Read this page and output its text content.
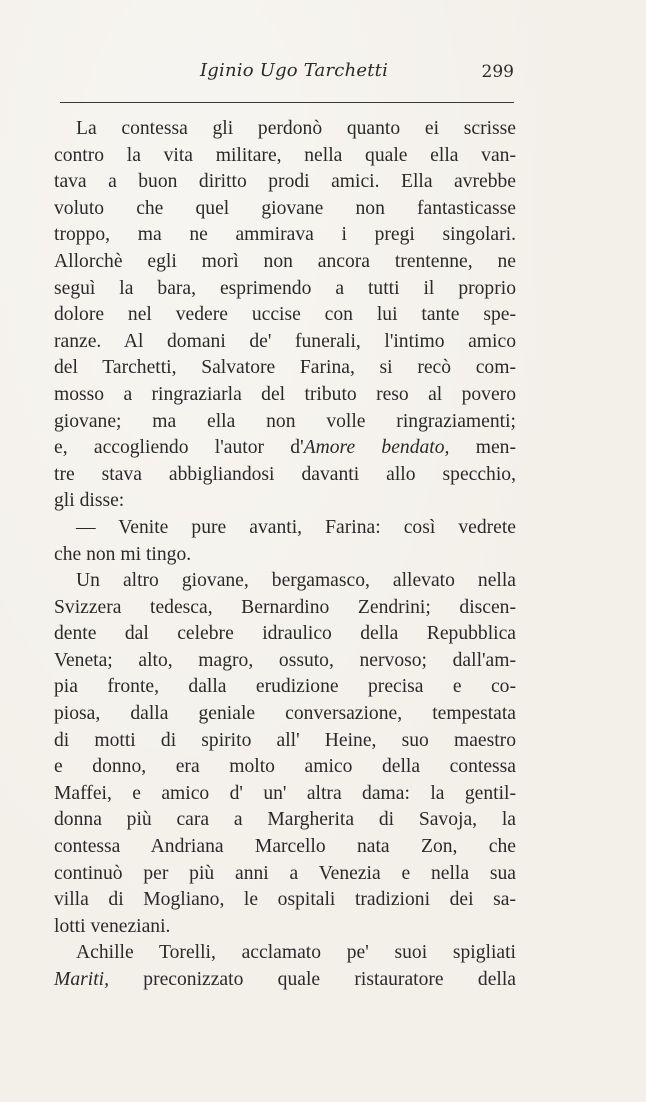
Iginio Ugo Tarchetti	299
La contessa gli perdonò quanto ei scrisse
contro la vita militare, nella quale ella van-
tava a buon diritto prodi amici. Ella avrebbe
voluto che quel giovane non fantasticasse
troppo, ma ne ammirava i pregi singolari.
Allorchè egli morì non ancora trentenne, ne
seguì la bara, esprimendo a tutti il proprio
dolore nel vedere uccise con lui tante spe-
ranze. Al domani de' funerali, l'intimo amico
del Tarchetti, Salvatore Farina, si recò com-
mosso a ringraziarla del tributo reso al povero
giovane; ma ella non volle ringraziamenti;
e, accogliendo l'autor d'Amore bendato, men-
tre stava abbigliandosi davanti allo specchio,
gli disse:
— Venite pure avanti, Farina: così vedrete
che non mi tingo.
Un altro giovane, bergamasco, allevato nella
Svizzera tedesca, Bernardino Zendrini; discen-
dente dal celebre idraulico della Repubblica
Veneta; alto, magro, ossuto, nervoso; dall'am-
pia fronte, dalla erudizione precisa e co-
piosa, dalla geniale conversazione, tempestata
di motti di spirito all' Heine, suo maestro
e donno, era molto amico della contessa
Maffei, e amico d' un' altra dama: la gentil-
donna più cara a Margherita di Savoja, la
contessa Andriana Marcello nata Zon, che
continuò per più anni a Venezia e nella sua
villa di Mogliano, le ospitali tradizioni dei sa-
lotti veneziani.
Achille Torelli, acclamato pe' suoi spigliati
Mariti, preconizzato quale ristauratore della
